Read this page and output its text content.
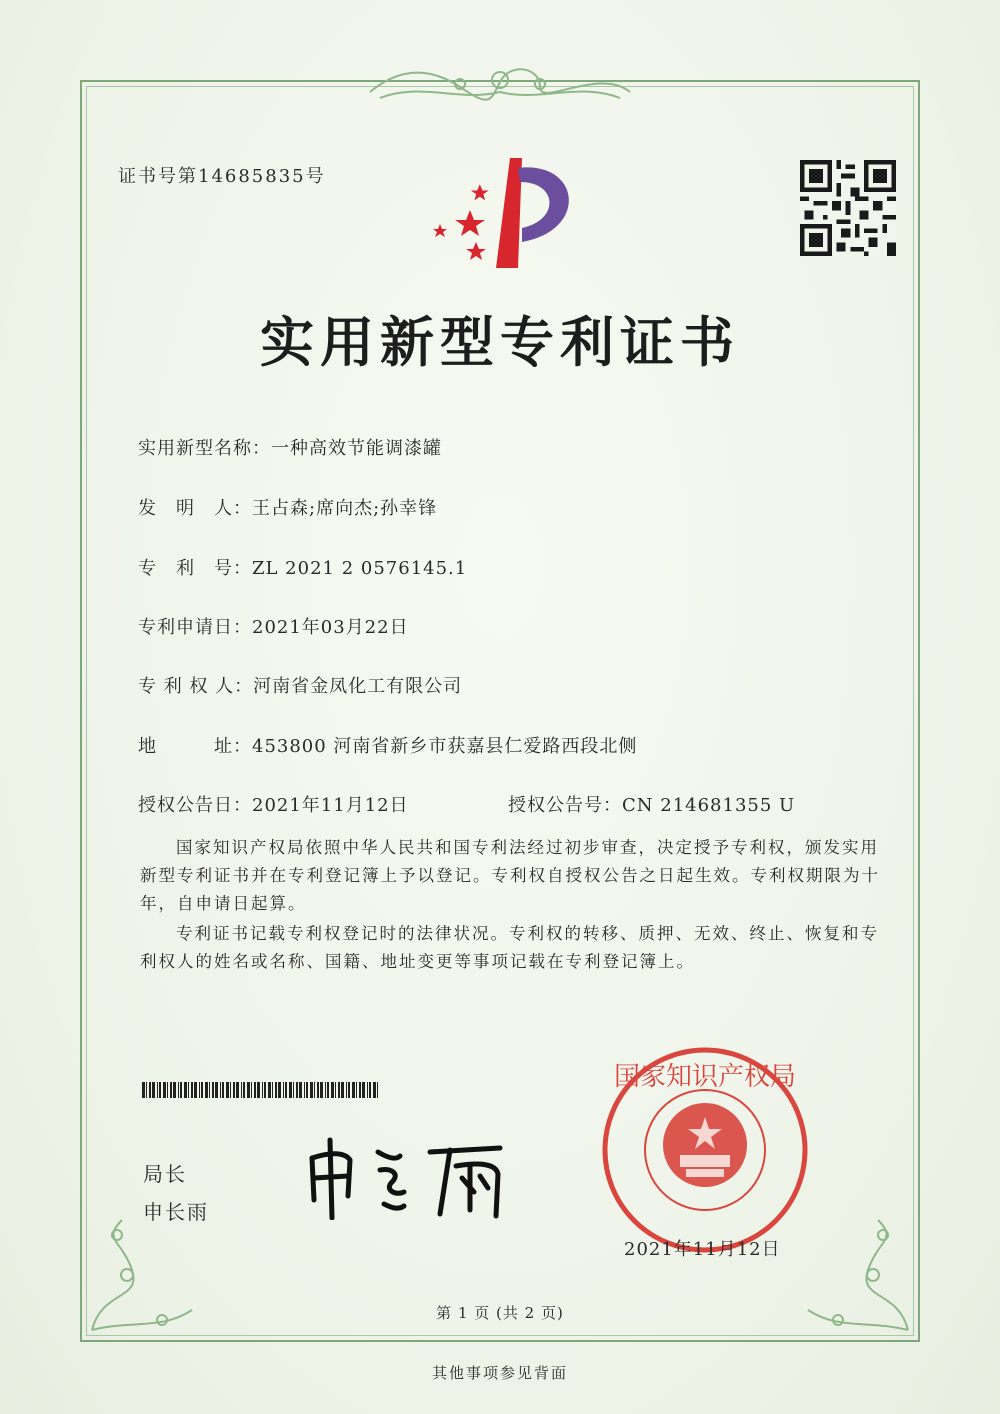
证书号第14685835号
实用新型专利证书
实用新型名称：一种高效节能调漆罐
发　明　人：王占森;席向杰;孙幸锋
专　利　号：ZL 2021 2 0576145.1
专利申请日：2021年03月22日
专 利 权 人：河南省金凤化工有限公司
地　　　址：453800 河南省新乡市获嘉县仁爱路西段北侧
授权公告日：2021年11月12日	授权公告号：CN 214681355 U
国家知识产权局依照中华人民共和国专利法经过初步审查，决定授予专利权，颁发实用新型专利证书并在专利登记簿上予以登记。专利权自授权公告之日起生效。专利权期限为十年，自申请日起算。
专利证书记载专利权登记时的法律状况。专利权的转移、质押、无效、终止、恢复和专利权人的姓名或名称、国籍、地址变更等事项记载在专利登记簿上。
局长
申长雨
国家知识产权局
2021年11月12日
第 1 页 (共 2 页)
其他事项参见背面
